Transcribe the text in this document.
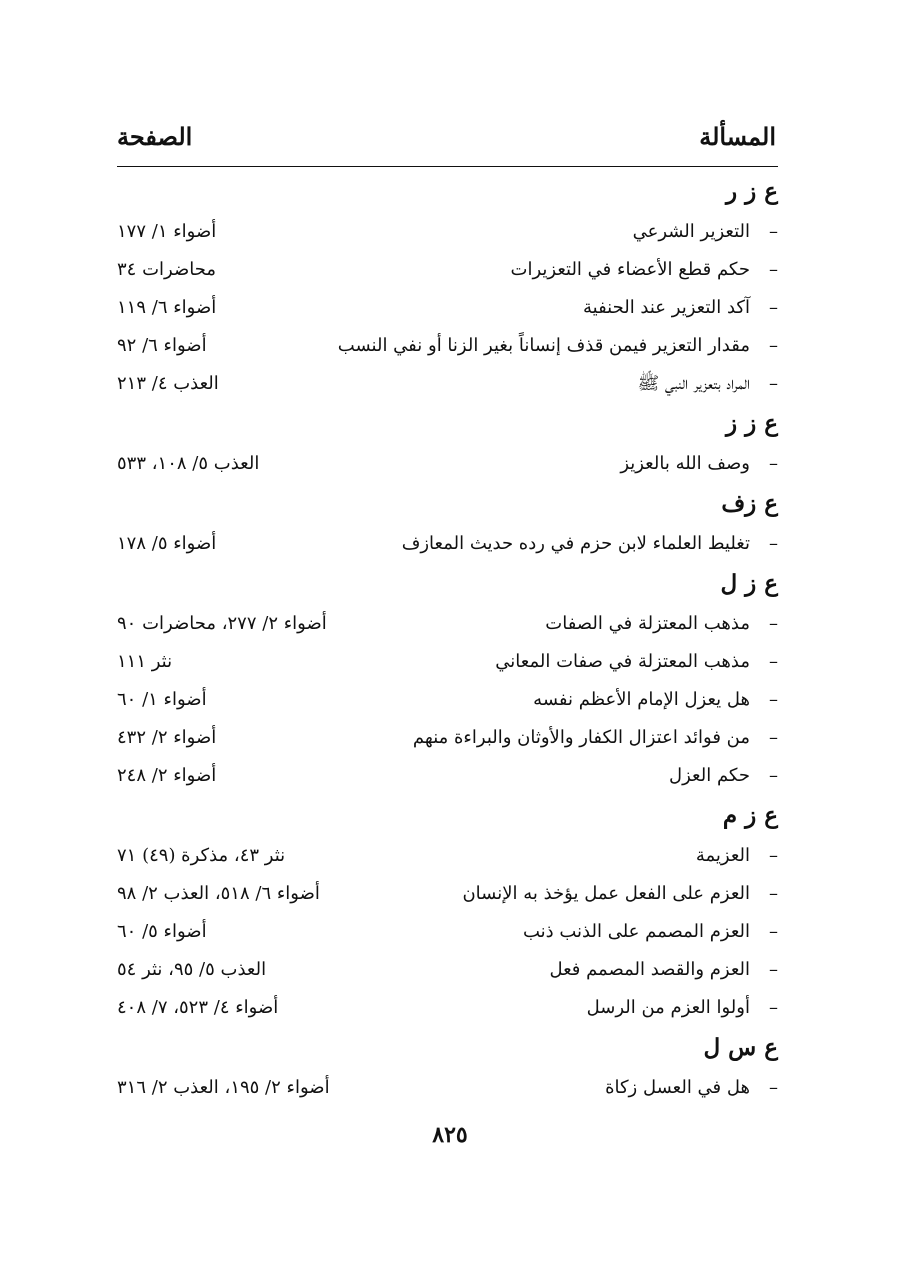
المسألة
الصفحة
ع ز ر
–التعزير الشرعي
أضواء ١/ ١٧٧
–حكم قطع الأعضاء في التعزيرات
محاضرات ٣٤
–آكد التعزير عند الحنفية
أضواء ٦/ ١١٩
–مقدار التعزير فيمن قذف إنساناً بغير الزنا أو نفي النسب
أضواء ٦/ ٩٢
–المراد بتعزير النبي ﷺ
العذب ٤/ ٢١٣
ع ز ز
–وصف الله بالعزيز
العذب ٥/ ١٠٨، ٥٣٣
ع زف
–تغليط العلماء لابن حزم في رده حديث المعازف
أضواء ٥/ ١٧٨
ع ز ل
–مذهب المعتزلة في الصفات
أضواء ٢/ ٢٧٧، محاضرات ٩٠
–مذهب المعتزلة في صفات المعاني
نثر ١١١
–هل يعزل الإمام الأعظم نفسه
أضواء ١/ ٦٠
–من فوائد اعتزال الكفار والأوثان والبراءة منهم
أضواء ٢/ ٤٣٢
–حكم العزل
أضواء ٢/ ٢٤٨
ع ز م
–العزيمة
نثر ٤٣، مذكرة (٤٩) ٧١
–العزم على الفعل عمل يؤخذ به الإنسان
أضواء ٦/ ٥١٨، العذب ٢/ ٩٨
–العزم المصمم على الذنب ذنب
أضواء ٥/ ٦٠
–العزم والقصد المصمم فعل
العذب ٥/ ٩٥، نثر ٥٤
–أولوا العزم من الرسل
أضواء ٤/ ٥٢٣، ٧/ ٤٠٨
ع س ل
–هل في العسل زكاة
أضواء ٢/ ١٩٥، العذب ٢/ ٣١٦
٨٢٥
